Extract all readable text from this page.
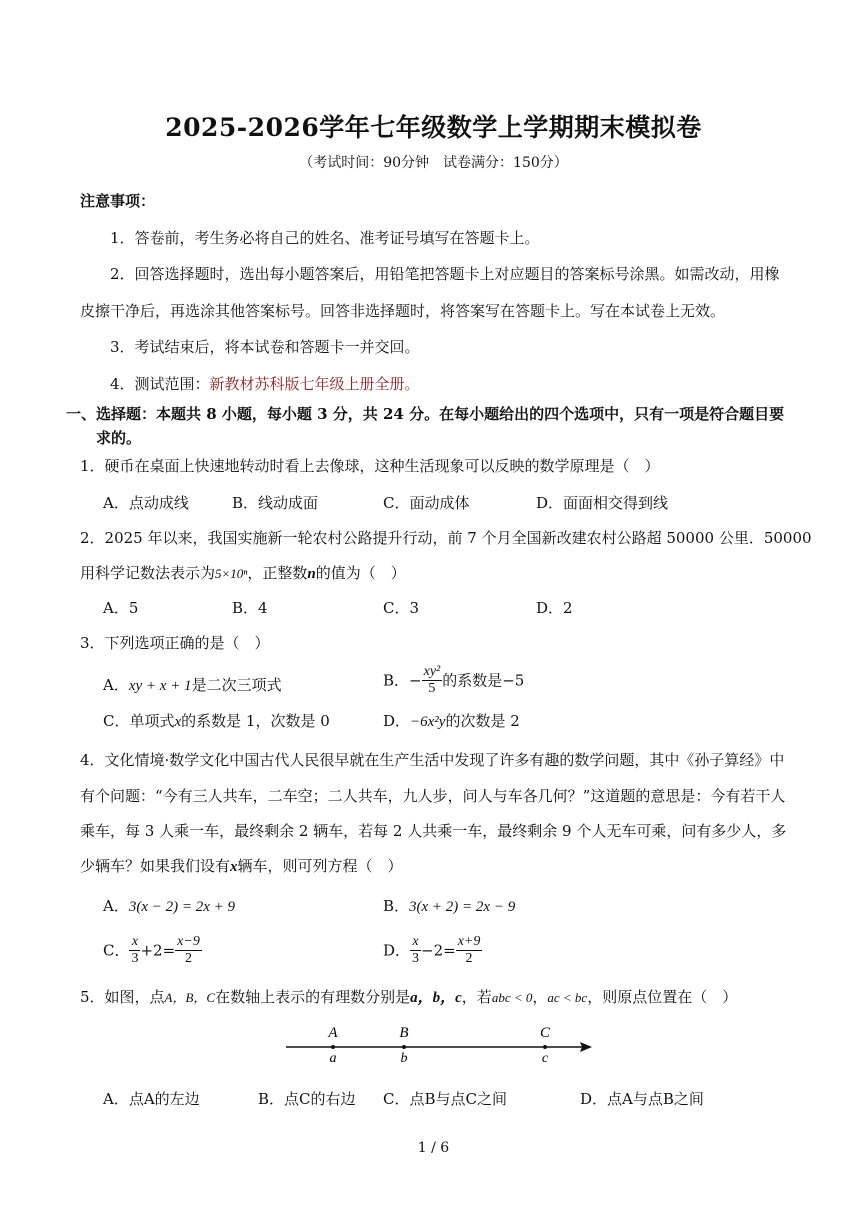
2025-2026学年七年级数学上学期期末模拟卷
（考试时间：90分钟　试卷满分：150分）
注意事项：
1．答卷前，考生务必将自己的姓名、准考证号填写在答题卡上。
2．回答选择题时，选出每小题答案后，用铅笔把答题卡上对应题目的答案标号涂黑。如需改动，用橡
皮擦干净后，再选涂其他答案标号。回答非选择题时，将答案写在答题卡上。写在本试卷上无效。
3．考试结束后，将本试卷和答题卡一并交回。
4．测试范围：新教材苏科版七年级上册全册。
一、选择题：本题共 8 小题，每小题 3 分，共 24 分。在每小题给出的四个选项中，只有一项是符合题目要
求的。
1．硬币在桌面上快速地转动时看上去像球，这种生活现象可以反映的数学原理是（　）
A．点动成线	B．线动成面	C．面动成体	D．面面相交得到线
2．2025 年以来，我国实施新一轮农村公路提升行动，前 7 个月全国新改建农村公路超 50000 公里．50000
用科学记数法表示为5×10ⁿ，正整数n的值为（　）
A．5	B．4	C．3	D．2
3．下列选项正确的是（　）
A．xy + x + 1是二次三项式	B．− $\frac{\text{xy²}}{5}$ 的系数是−5
C．单项式x的系数是 1，次数是 0	D．−6x²y的次数是 2
4．文化情境·数学文化中国古代人民很早就在生产生活中发现了许多有趣的数学问题，其中《孙子算经》中
有个问题：“今有三人共车，二车空；二人共车，九人步，问人与车各几何？”这道题的意思是：今有若干人
乘车，每 3 人乘一车，最终剩余 2 辆车，若每 2 人共乘一车，最终剩余 9 个人无车可乘，问有多少人，多
少辆车？如果我们设有x辆车，则可列方程（　）
A．3(x − 2) = 2x + 9	B．3(x + 2) = 2x − 9
C． $\frac{x}{3} +2= \frac{x-9}{2}$	D． $\frac{x}{3} -2= \frac{x+9}{2}$
5．如图，点A，B，C在数轴上表示的有理数分别是a，b，c，若abc < 0，ac < bc，则原点位置在（　）
A
a
B
b
C
c
A．点A的左边	B．点C的右边 C．点B与点C之间	D．点A与点B之间
1 / 6
